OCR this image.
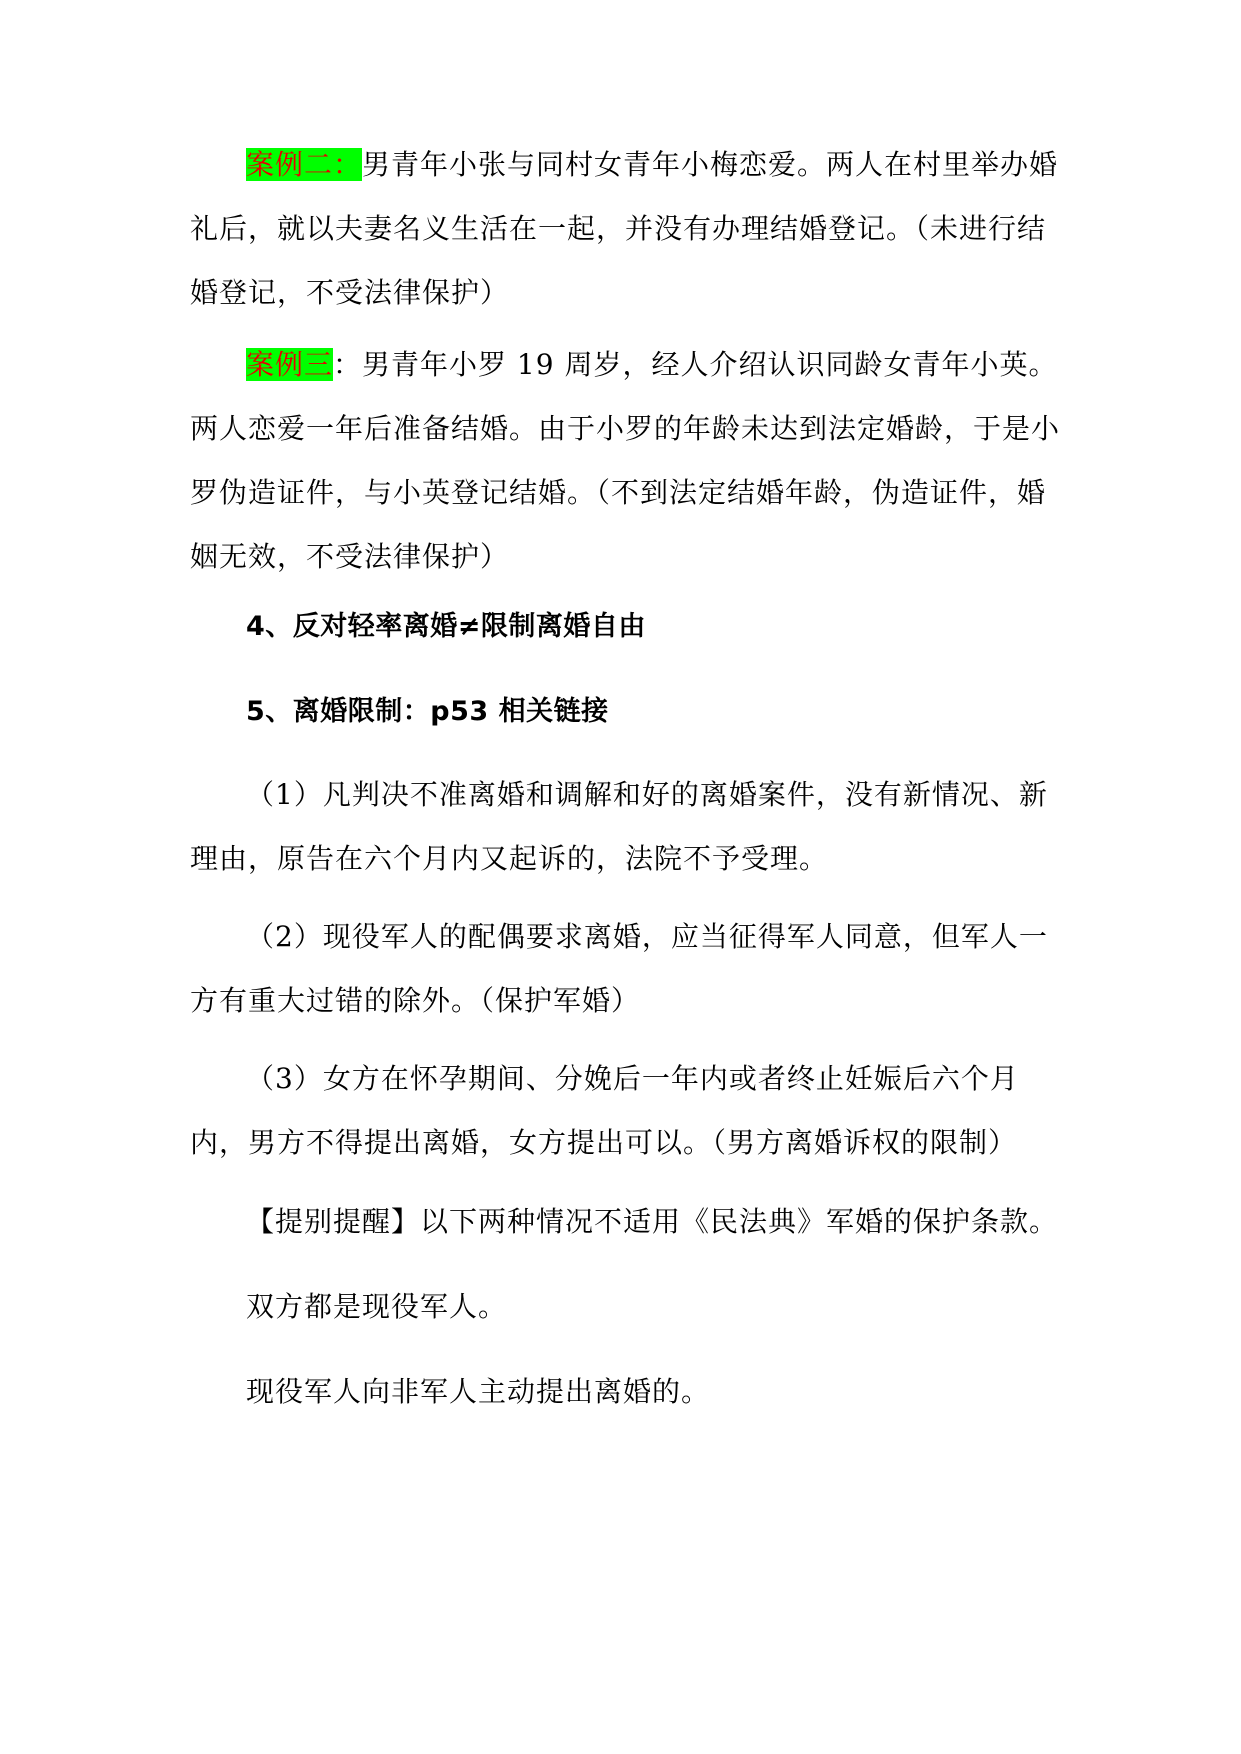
案例二：男青年小张与同村女青年小梅恋爱。两人在村里举办婚礼后，就以夫妻名义生活在一起，并没有办理结婚登记。（未进行结婚登记，不受法律保护）

案例三：男青年小罗 19 周岁，经人介绍认识同龄女青年小英。两人恋爱一年后准备结婚。由于小罗的年龄未达到法定婚龄，于是小罗伪造证件，与小英登记结婚。（不到法定结婚年龄，伪造证件，婚姻无效，不受法律保护）

4、反对轻率离婚≠限制离婚自由

5、离婚限制：p53 相关链接

（1）凡判决不准离婚和调解和好的离婚案件，没有新情况、新理由，原告在六个月内又起诉的，法院不予受理。

（2）现役军人的配偶要求离婚，应当征得军人同意，但军人一方有重大过错的除外。（保护军婚）

（3）女方在怀孕期间、分娩后一年内或者终止妊娠后六个月内，男方不得提出离婚，女方提出可以。（男方离婚诉权的限制）

【提别提醒】以下两种情况不适用《民法典》军婚的保护条款。

双方都是现役军人。

现役军人向非军人主动提出离婚的。
